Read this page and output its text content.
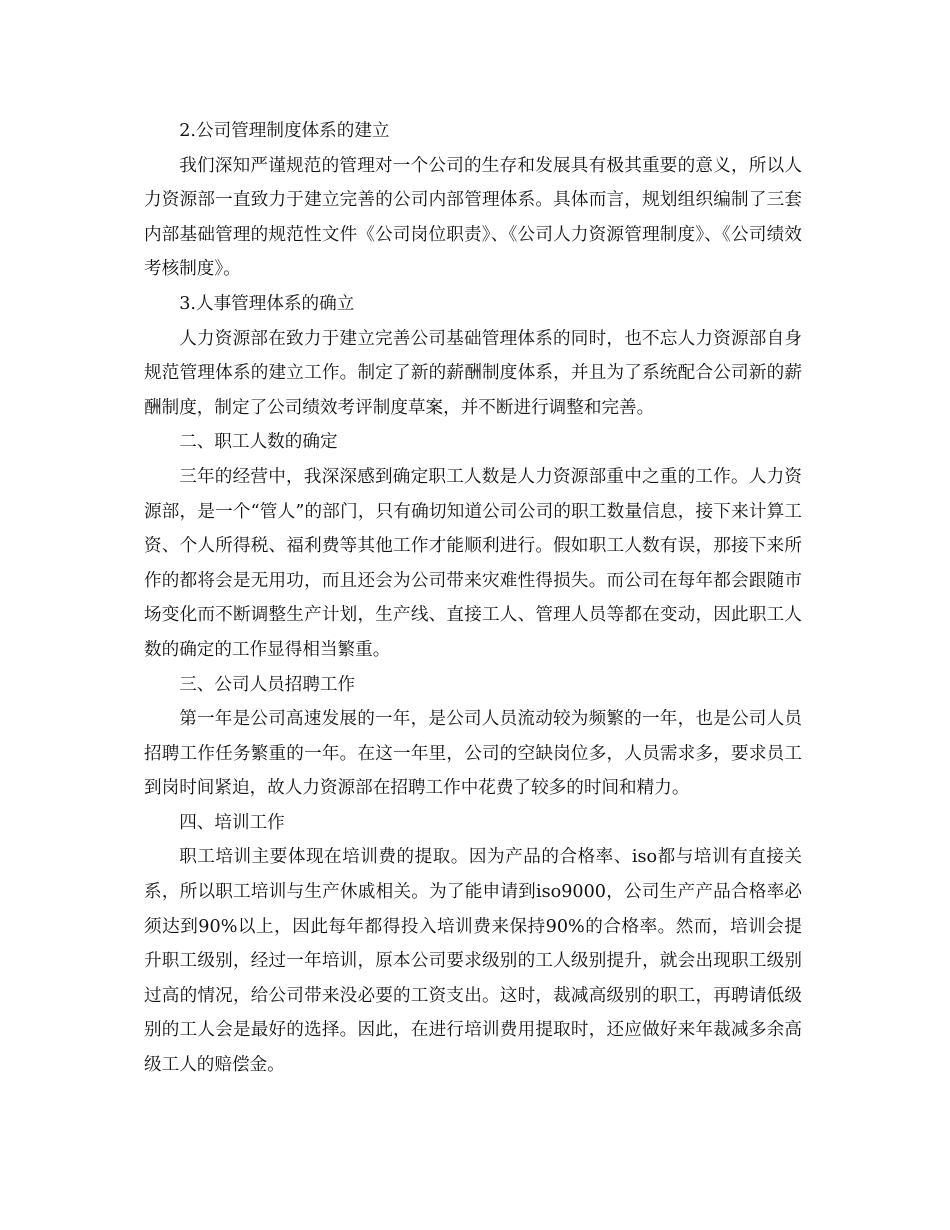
2.公司管理制度体系的建立

我们深知严谨规范的管理对一个公司的生存和发展具有极其重要的意义，所以人力资源部一直致力于建立完善的公司内部管理体系。具体而言，规划组织编制了三套内部基础管理的规范性文件《公司岗位职责》、《公司人力资源管理制度》、《公司绩效考核制度》。

3.人事管理体系的确立

人力资源部在致力于建立完善公司基础管理体系的同时，也不忘人力资源部自身规范管理体系的建立工作。制定了新的薪酬制度体系，并且为了系统配合公司新的薪酬制度，制定了公司绩效考评制度草案，并不断进行调整和完善。

二、职工人数的确定

三年的经营中，我深深感到确定职工人数是人力资源部重中之重的工作。人力资源部，是一个“管人”的部门，只有确切知道公司公司的职工数量信息，接下来计算工资、个人所得税、福利费等其他工作才能顺利进行。假如职工人数有误，那接下来所作的都将会是无用功，而且还会为公司带来灾难性得损失。而公司在每年都会跟随市场变化而不断调整生产计划，生产线、直接工人、管理人员等都在变动，因此职工人数的确定的工作显得相当繁重。

三、公司人员招聘工作

第一年是公司高速发展的一年，是公司人员流动较为频繁的一年，也是公司人员招聘工作任务繁重的一年。在这一年里，公司的空缺岗位多，人员需求多，要求员工到岗时间紧迫，故人力资源部在招聘工作中花费了较多的时间和精力。

四、培训工作

职工培训主要体现在培训费的提取。因为产品的合格率、iso都与培训有直接关系，所以职工培训与生产休戚相关。为了能申请到iso9000，公司生产产品合格率必须达到90%以上，因此每年都得投入培训费来保持90%的合格率。然而，培训会提升职工级别，经过一年培训，原本公司要求级别的工人级别提升，就会出现职工级别过高的情况，给公司带来没必要的工资支出。这时，裁减高级别的职工，再聘请低级别的工人会是最好的选择。因此，在进行培训费用提取时，还应做好来年裁减多余高级工人的赔偿金。
